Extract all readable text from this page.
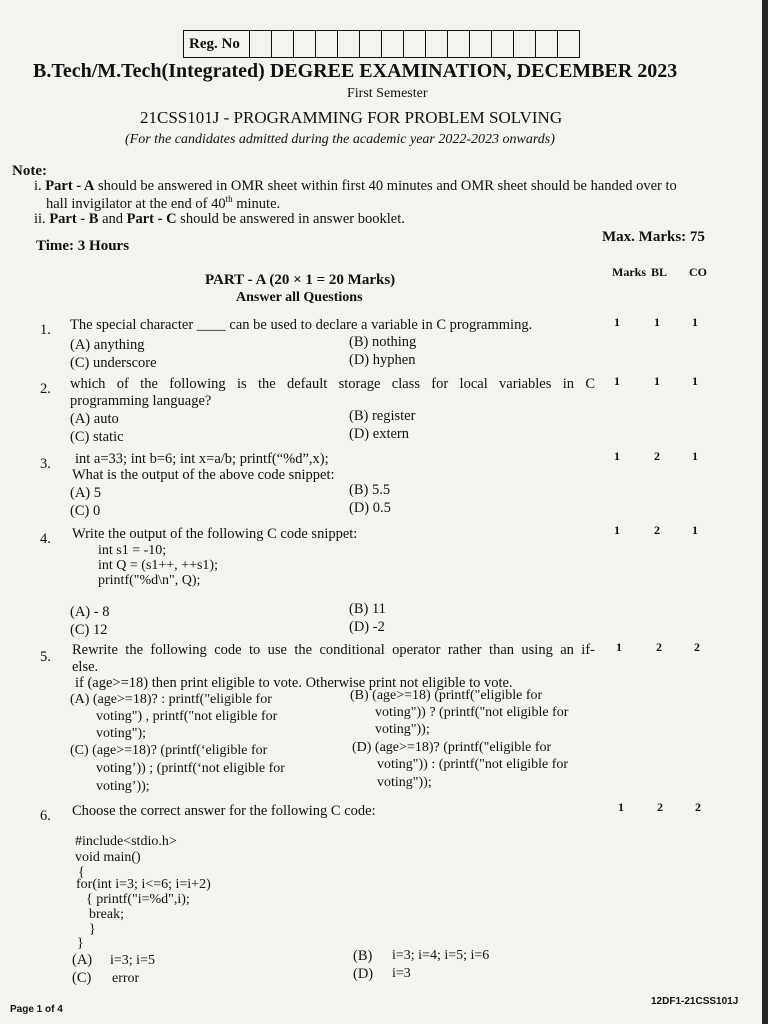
Reg. No
B.Tech/M.Tech(Integrated) DEGREE EXAMINATION, DECEMBER 2023
First Semester
21CSS101J - PROGRAMMING FOR PROBLEM SOLVING
(For the candidates admitted during the academic year 2022-2023 onwards)
Note:
i. Part - A should be answered in OMR sheet within first 40 minutes and OMR sheet should be handed over to
hall invigilator at the end of 40th minute.
ii. Part - B and Part - C should be answered in answer booklet.
Time: 3 Hours
Max. Marks: 75
Marks BL CO
PART - A (20 × 1 = 20 Marks)
Answer all Questions
1. The special character ____ can be used to declare a variable in C programming.
(A) anything	(B) nothing
(C) underscore	(D) hyphen
1	1	1
2. which of the following is the default storage class for local variables in C
programming language?
(A) auto	(B) register
(C) static	(D) extern
1	1	1
3. int a=33; int b=6; int x=a/b; printf(“%d”,x);
What is the output of the above code snippet:
(A) 5	(B) 5.5
(C) 0	(D) 0.5
1	2	1
4. Write the output of the following C code snippet:
int s1 = -10;
int Q = (s1++, ++s1);
printf("%d\n", Q);
(A) - 8	(B) 11
(C) 12	(D) -2
1	2	1
5. Rewrite the following code to use the conditional operator rather than using an if-
else.
if (age>=18) then print eligible to vote. Otherwise print not eligible to vote.
(A) (age>=18)? : printf("eligible for
voting") , printf("not eligible for
voting");
(B) (age>=18) (printf("eligible for
voting")) ? (printf("not eligible for
voting"));
(C) (age>=18)? (printf(‘eligible for
voting’)) ; (printf(‘not eligible for
voting’));
(D) (age>=18)? (printf("eligible for
voting")) : (printf("not eligible for
voting"));
1	2	2
6. Choose the correct answer for the following C code:
#include<stdio.h>
void main()
{
for(int i=3; i<=6; i=i+2)
{ printf("i=%d",i);
break;
}
}
(A) i=3; i=5	(B) i=3; i=4; i=5; i=6
(C) error	(D) i=3
1	2	2
Page 1 of 4
12DF1-21CSS101J
